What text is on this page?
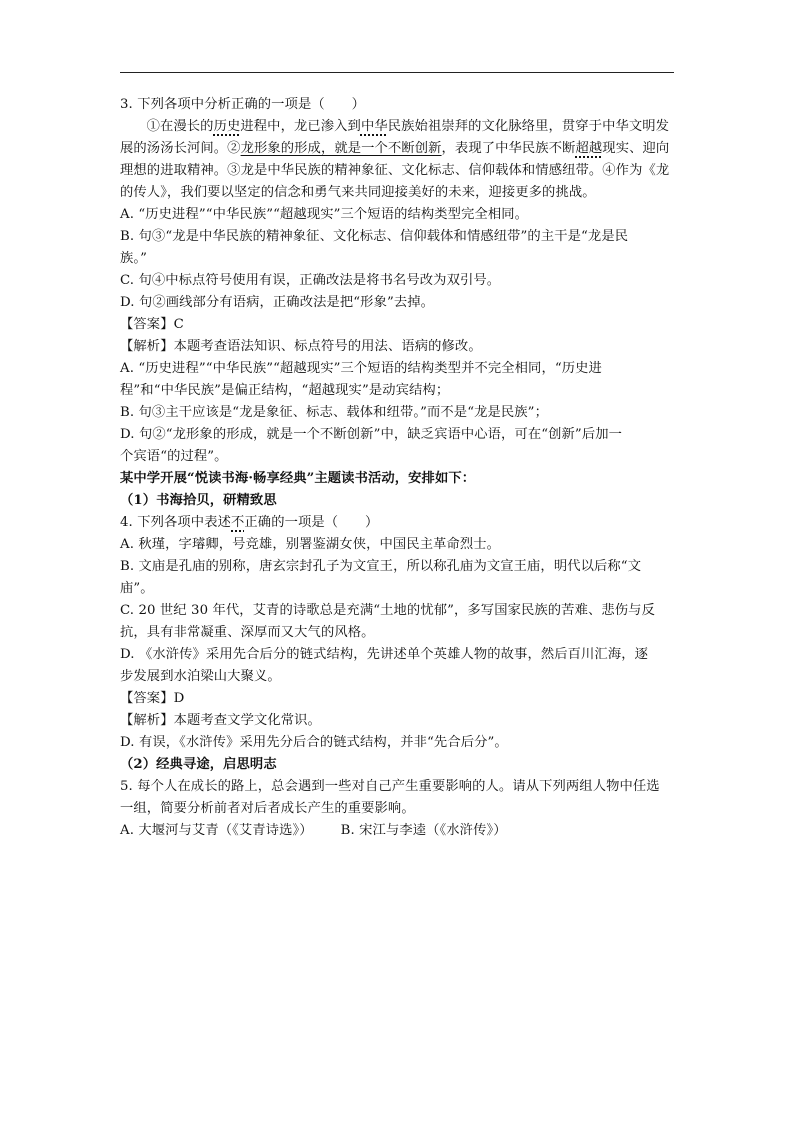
3. 下列各项中分析正确的一项是（　　）
①在漫长的历史进程中，龙已渗入到中华民族始祖崇拜的文化脉络里，贯穿于中华文明发展的汤汤长河间。②龙形象的形成，就是一个不断创新，表现了中华民族不断超越现实、迎向理想的进取精神。③龙是中华民族的精神象征、文化标志、信仰载体和情感纽带。④作为《龙的传人》，我们要以坚定的信念和勇气来共同迎接美好的未来，迎接更多的挑战。
A. “历史进程”“中华民族”“超越现实”三个短语的结构类型完全相同。
B. 句③“龙是中华民族的精神象征、文化标志、信仰载体和情感纽带”的主干是“龙是民
族。”
C. 句④中标点符号使用有误，正确改法是将书名号改为双引号。
D. 句②画线部分有语病，正确改法是把“形象”去掉。
【答案】C
【解析】本题考查语法知识、标点符号的用法、语病的修改。
A. “历史进程”“中华民族”“超越现实”三个短语的结构类型并不完全相同，“历史进
程”和“中华民族”是偏正结构，“超越现实”是动宾结构；
B. 句③主干应该是“龙是象征、标志、载体和纽带。”而不是“龙是民族”；
D. 句②“龙形象的形成，就是一个不断创新”中，缺乏宾语中心语，可在“创新”后加一
个宾语“的过程”。
某中学开展“悦读书海·畅享经典”主题读书活动，安排如下：
（1）书海拾贝，研精致思
4. 下列各项中表述不正确的一项是（　　）
A. 秋瑾，字璿卿，号竞雄，别署鉴湖女侠，中国民主革命烈士。
B. 文庙是孔庙的别称，唐玄宗封孔子为文宣王，所以称孔庙为文宣王庙，明代以后称“文
庙”。
C. 20 世纪 30 年代，艾青的诗歌总是充满“土地的忧郁”，多写国家民族的苦难、悲伤与反
抗，具有非常凝重、深厚而又大气的风格。
D. 《水浒传》采用先合后分的链式结构，先讲述单个英雄人物的故事，然后百川汇海，逐
步发展到水泊梁山大聚义。
【答案】D
【解析】本题考查文学文化常识。
D. 有误，《水浒传》采用先分后合的链式结构，并非“先合后分”。
（2）经典寻途，启思明志
5. 每个人在成长的路上，总会遇到一些对自己产生重要影响的人。请从下列两组人物中任选
一组，简要分析前者对后者成长产生的重要影响。
A. 大堰河与艾青（《艾青诗选》） B. 宋江与李逵（《水浒传》）
